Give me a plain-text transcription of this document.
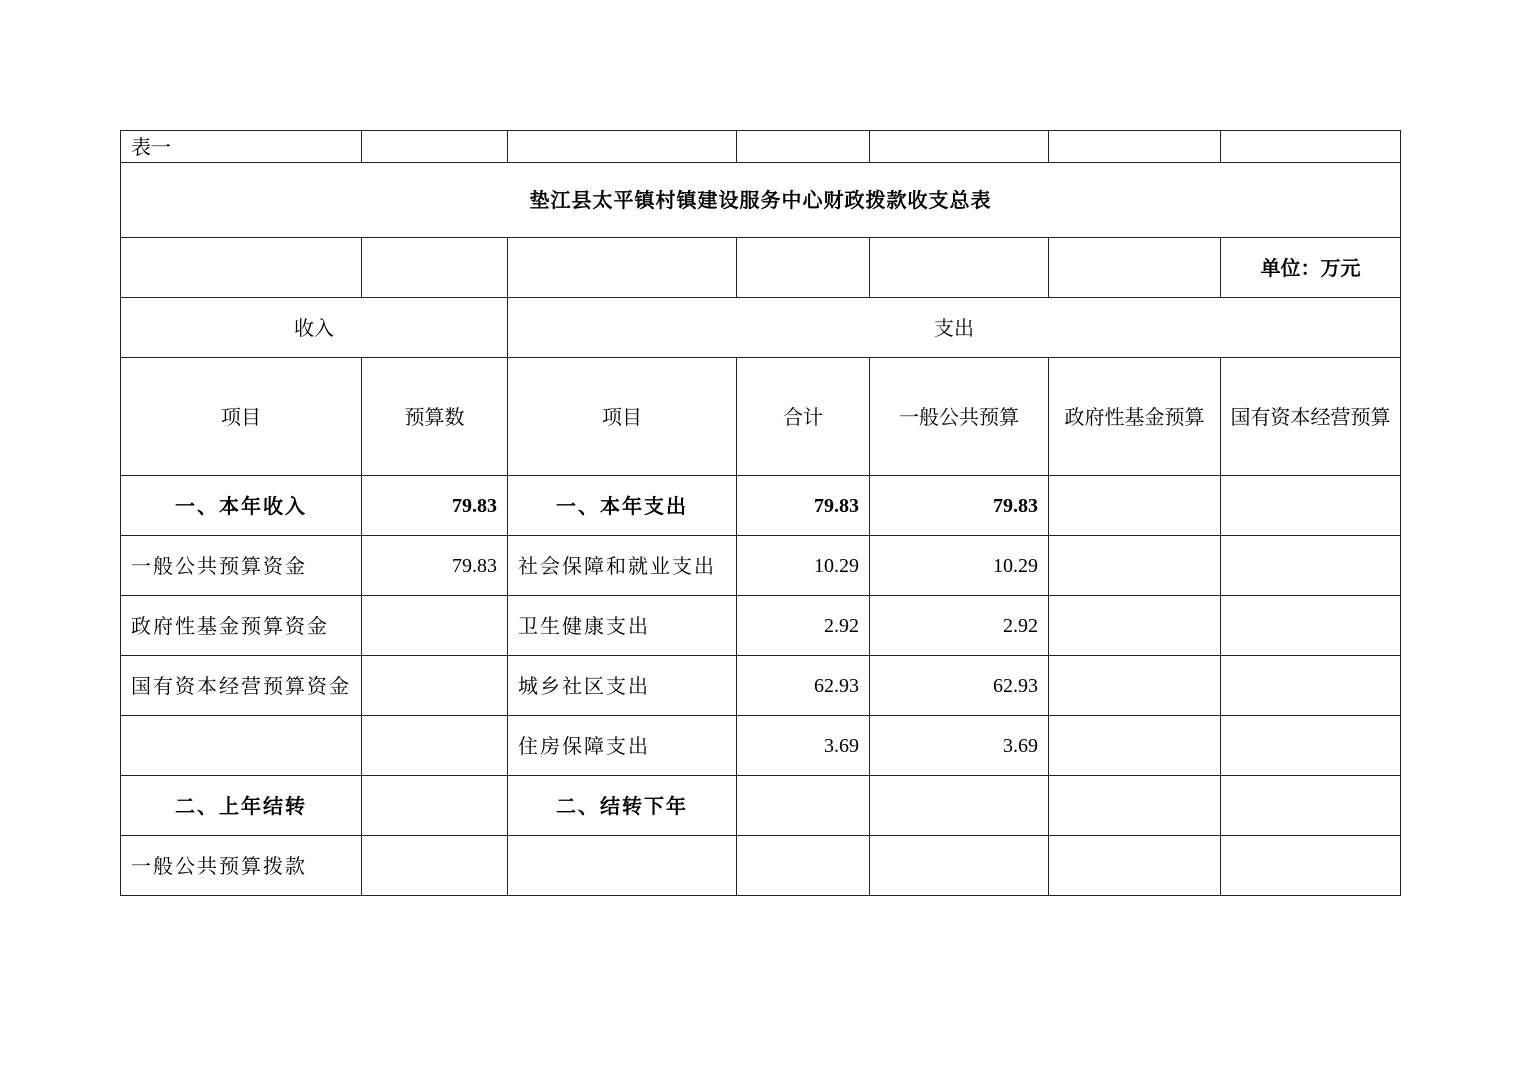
表一						
垫江县太平镇村镇建设服务中心财政拨款收支总表						
						单位：万元
收入		支出				
项目	预算数	项目	合计	一般公共预算	政府性基金预算	国有资本经营预算
一、本年收入	79.83	一、本年支出	79.83	79.83		
一般公共预算资金	79.83	社会保障和就业支出	10.29	10.29		
政府性基金预算资金		卫生健康支出	2.92	2.92		
国有资本经营预算资金		城乡社区支出	62.93	62.93		
		住房保障支出	3.69	3.69		
二、上年结转		二、结转下年				
一般公共预算拨款						
